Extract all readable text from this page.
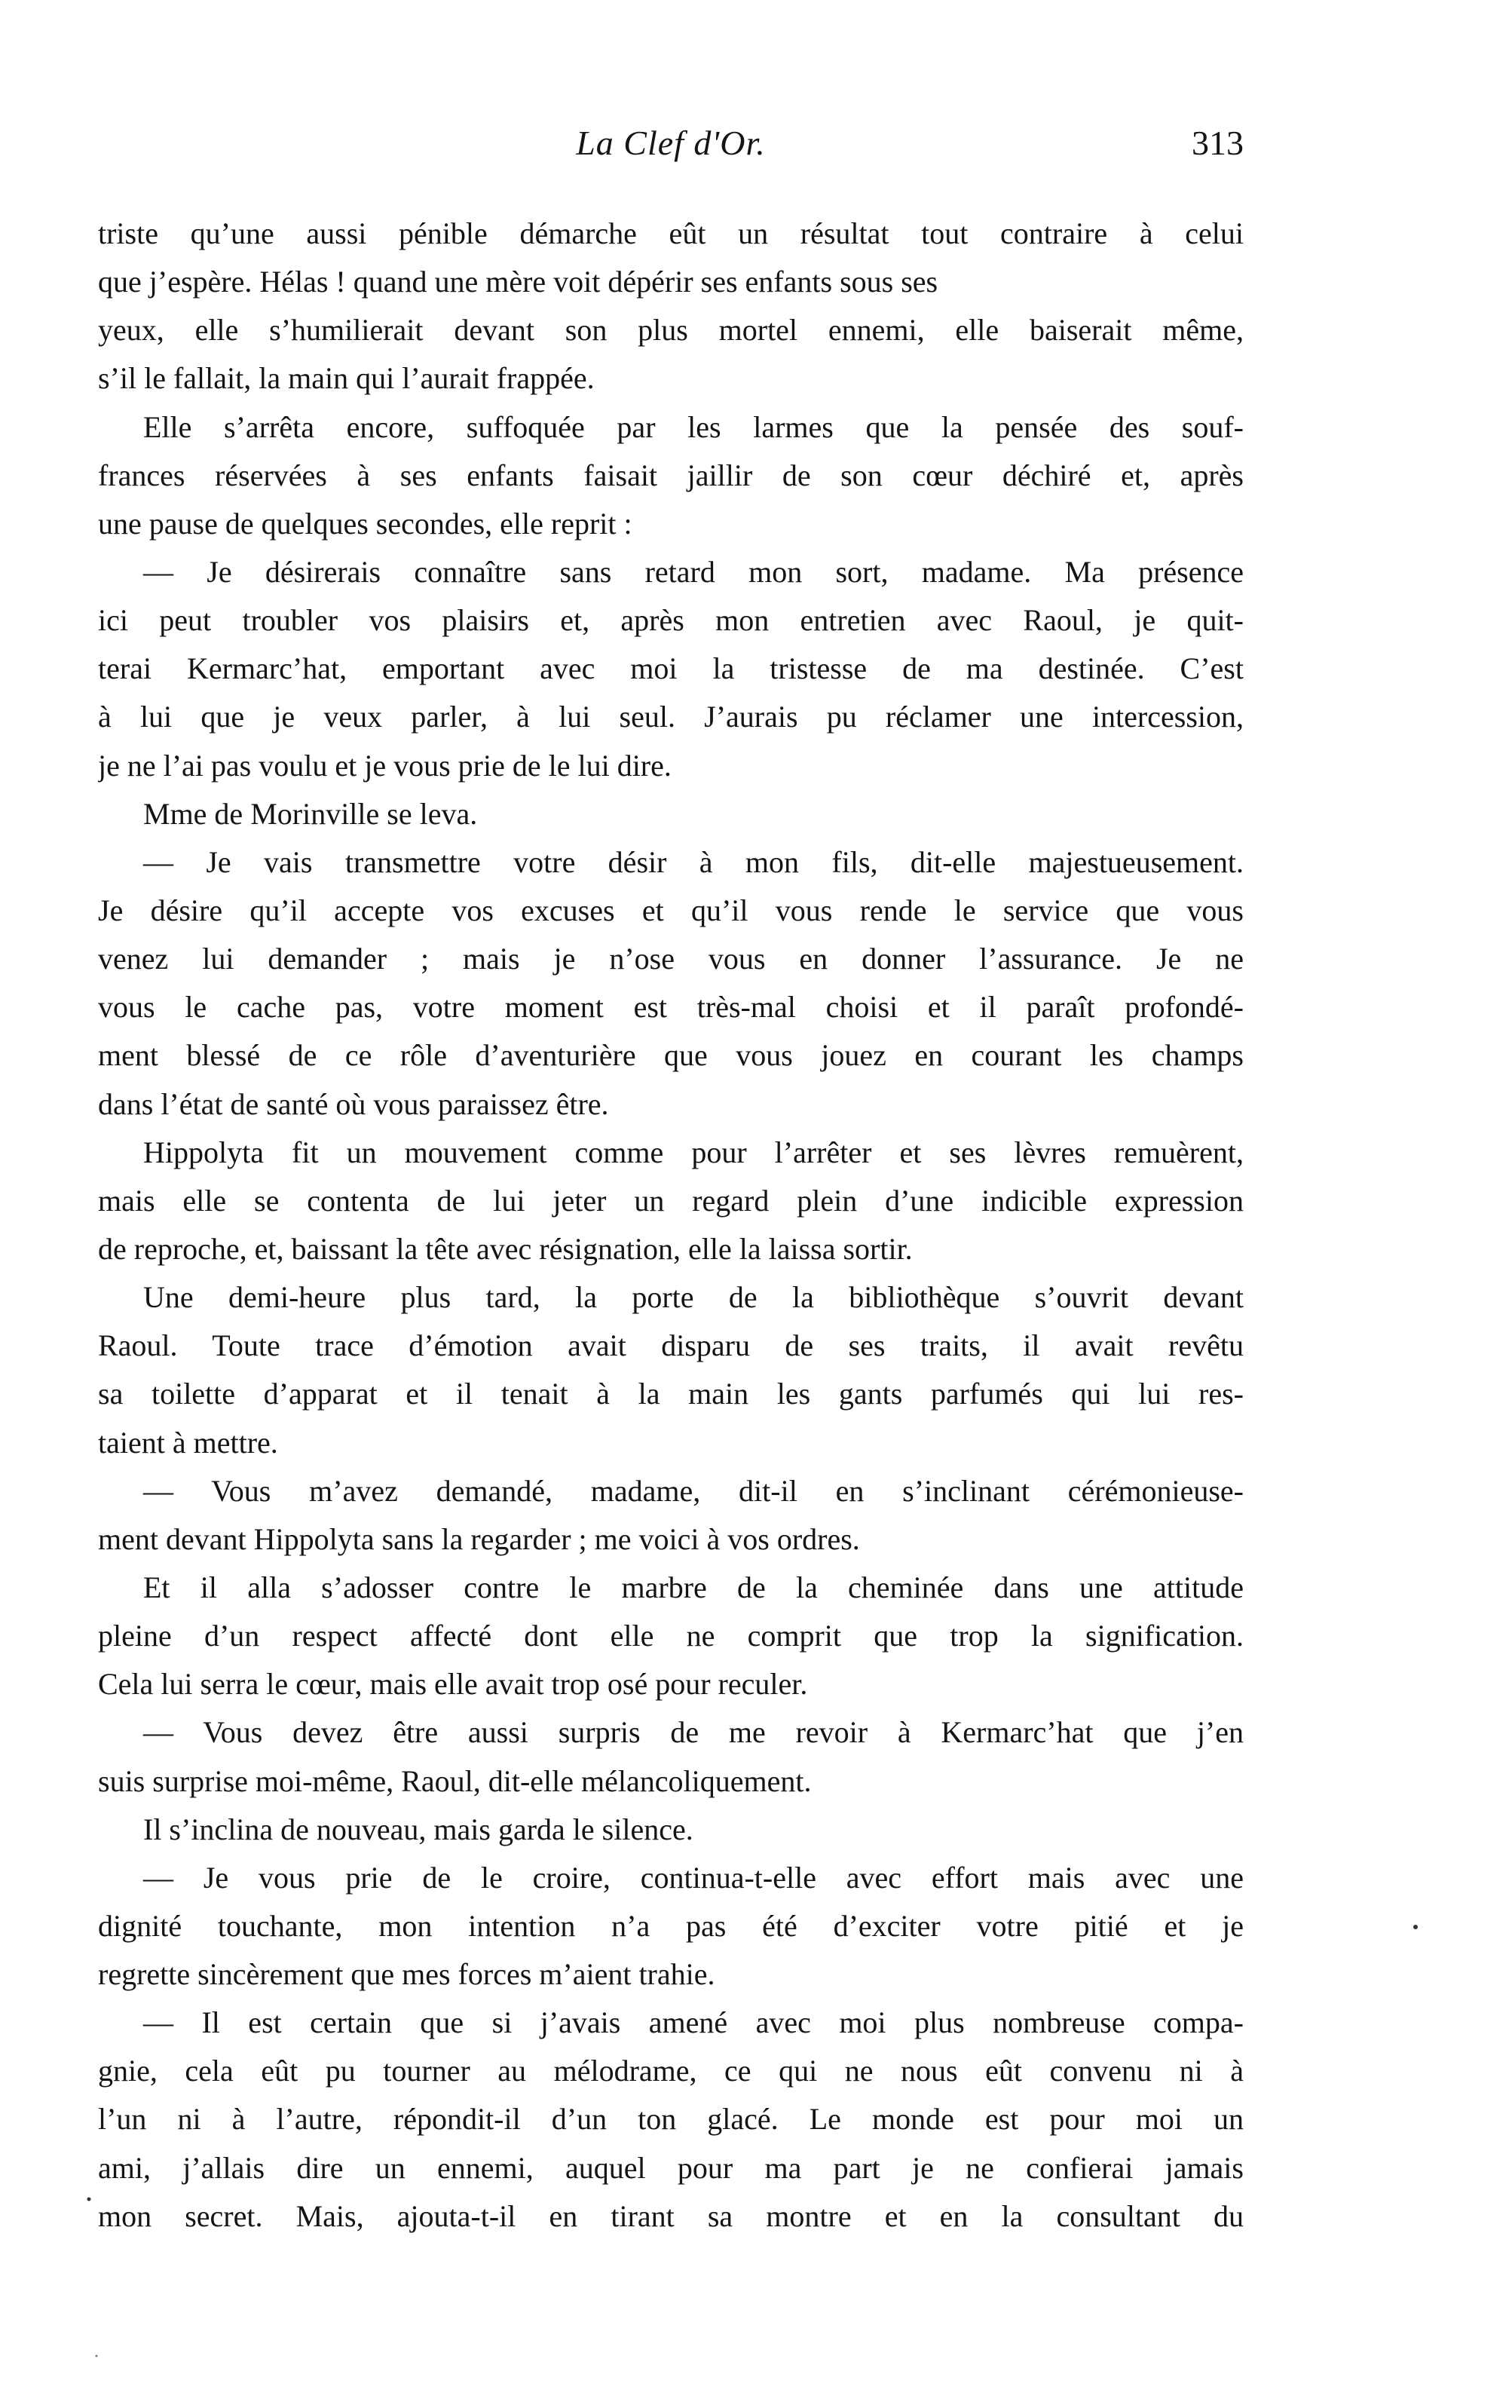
La Clef d'Or.	313
triste qu’une aussi pénible démarche eût un résultat tout contraire à celui
que j’espère. Hélas ! quand une mère voit dépérir ses enfants sous ses
yeux, elle s’humilierait devant son plus mortel ennemi, elle baiserait même,
s’il le fallait, la main qui l’aurait frappée.
Elle s’arrêta encore, suffoquée par les larmes que la pensée des souf-
frances réservées à ses enfants faisait jaillir de son cœur déchiré et, après
une pause de quelques secondes, elle reprit :
— Je désirerais connaître sans retard mon sort, madame. Ma présence
ici peut troubler vos plaisirs et, après mon entretien avec Raoul, je quit-
terai Kermarc’hat, emportant avec moi la tristesse de ma destinée. C’est
à lui que je veux parler, à lui seul. J’aurais pu réclamer une intercession,
je ne l’ai pas voulu et je vous prie de le lui dire.
Mme de Morinville se leva.
— Je vais transmettre votre désir à mon fils, dit-elle majestueusement.
Je désire qu’il accepte vos excuses et qu’il vous rende le service que vous
venez lui demander ; mais je n’ose vous en donner l’assurance. Je ne
vous le cache pas, votre moment est très-mal choisi et il paraît profondé-
ment blessé de ce rôle d’aventurière que vous jouez en courant les champs
dans l’état de santé où vous paraissez être.
Hippolyta fit un mouvement comme pour l’arrêter et ses lèvres remuèrent,
mais elle se contenta de lui jeter un regard plein d’une indicible expression
de reproche, et, baissant la tête avec résignation, elle la laissa sortir.
Une demi-heure plus tard, la porte de la bibliothèque s’ouvrit devant
Raoul. Toute trace d’émotion avait disparu de ses traits, il avait revêtu
sa toilette d’apparat et il tenait à la main les gants parfumés qui lui res-
taient à mettre.
— Vous m’avez demandé, madame, dit-il en s’inclinant cérémonieuse-
ment devant Hippolyta sans la regarder ; me voici à vos ordres.
Et il alla s’adosser contre le marbre de la cheminée dans une attitude
pleine d’un respect affecté dont elle ne comprit que trop la signification.
Cela lui serra le cœur, mais elle avait trop osé pour reculer.
— Vous devez être aussi surpris de me revoir à Kermarc’hat que j’en
suis surprise moi-même, Raoul, dit-elle mélancoliquement.
Il s’inclina de nouveau, mais garda le silence.
— Je vous prie de le croire, continua-t-elle avec effort mais avec une
dignité touchante, mon intention n’a pas été d’exciter votre pitié et je
regrette sincèrement que mes forces m’aient trahie.
— Il est certain que si j’avais amené avec moi plus nombreuse compa-
gnie, cela eût pu tourner au mélodrame, ce qui ne nous eût convenu ni à
l’un ni à l’autre, répondit-il d’un ton glacé. Le monde est pour moi un
ami, j’allais dire un ennemi, auquel pour ma part je ne confierai jamais
mon secret. Mais, ajouta-t-il en tirant sa montre et en la consultant du
